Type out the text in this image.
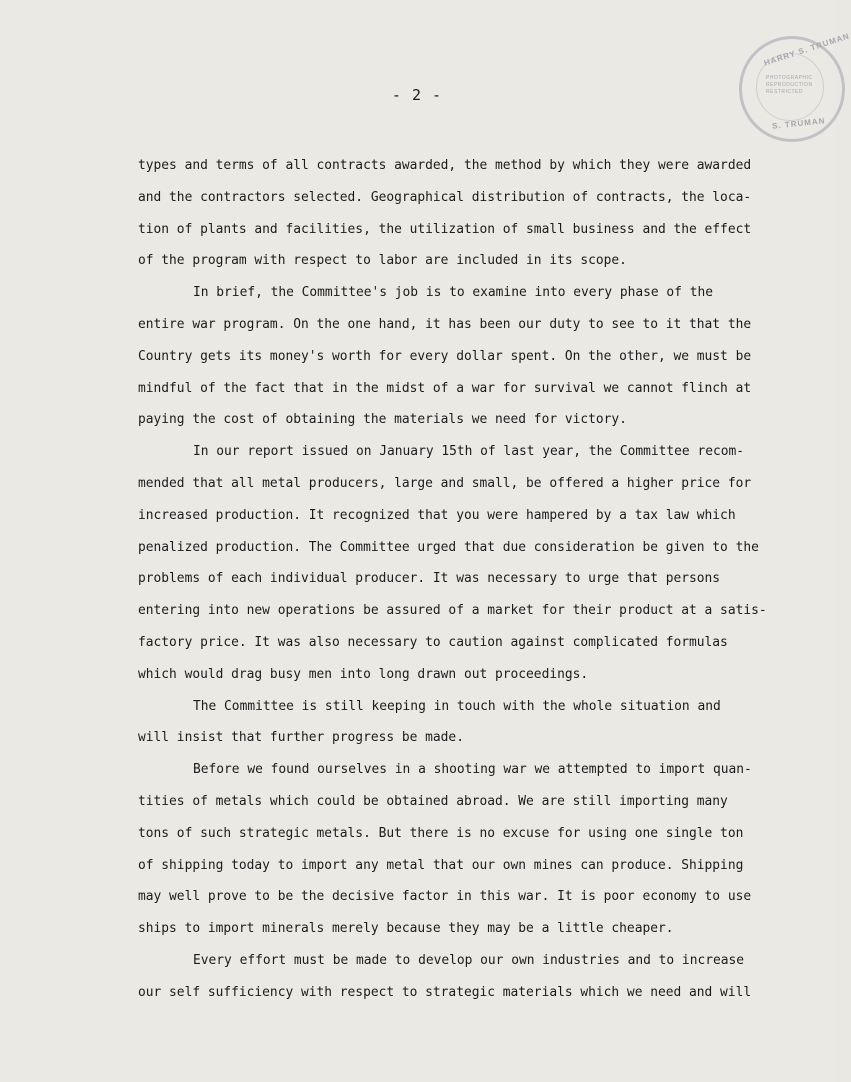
HARRY S. TRUMAN
PHOTOGRAPHIC
REPRODUCTION
RESTRICTED
S. TRUMAN
- 2 -
types and terms of all contracts awarded, the method by which they were awarded
and the contractors selected. Geographical distribution of contracts, the loca-
tion of plants and facilities, the utilization of small business and the effect
of the program with respect to labor are included in its scope.
In brief, the Committee's job is to examine into every phase of the
entire war program. On the one hand, it has been our duty to see to it that the
Country gets its money's worth for every dollar spent. On the other, we must be
mindful of the fact that in the midst of a war for survival we cannot flinch at
paying the cost of obtaining the materials we need for victory.
In our report issued on January 15th of last year, the Committee recom-
mended that all metal producers, large and small, be offered a higher price for
increased production. It recognized that you were hampered by a tax law which
penalized production. The Committee urged that due consideration be given to the
problems of each individual producer. It was necessary to urge that persons
entering into new operations be assured of a market for their product at a satis-
factory price. It was also necessary to caution against complicated formulas
which would drag busy men into long drawn out proceedings.
The Committee is still keeping in touch with the whole situation and
will insist that further progress be made.
Before we found ourselves in a shooting war we attempted to import quan-
tities of metals which could be obtained abroad. We are still importing many
tons of such strategic metals. But there is no excuse for using one single ton
of shipping today to import any metal that our own mines can produce. Shipping
may well prove to be the decisive factor in this war. It is poor economy to use
ships to import minerals merely because they may be a little cheaper.
Every effort must be made to develop our own industries and to increase
our self sufficiency with respect to strategic materials which we need and will
